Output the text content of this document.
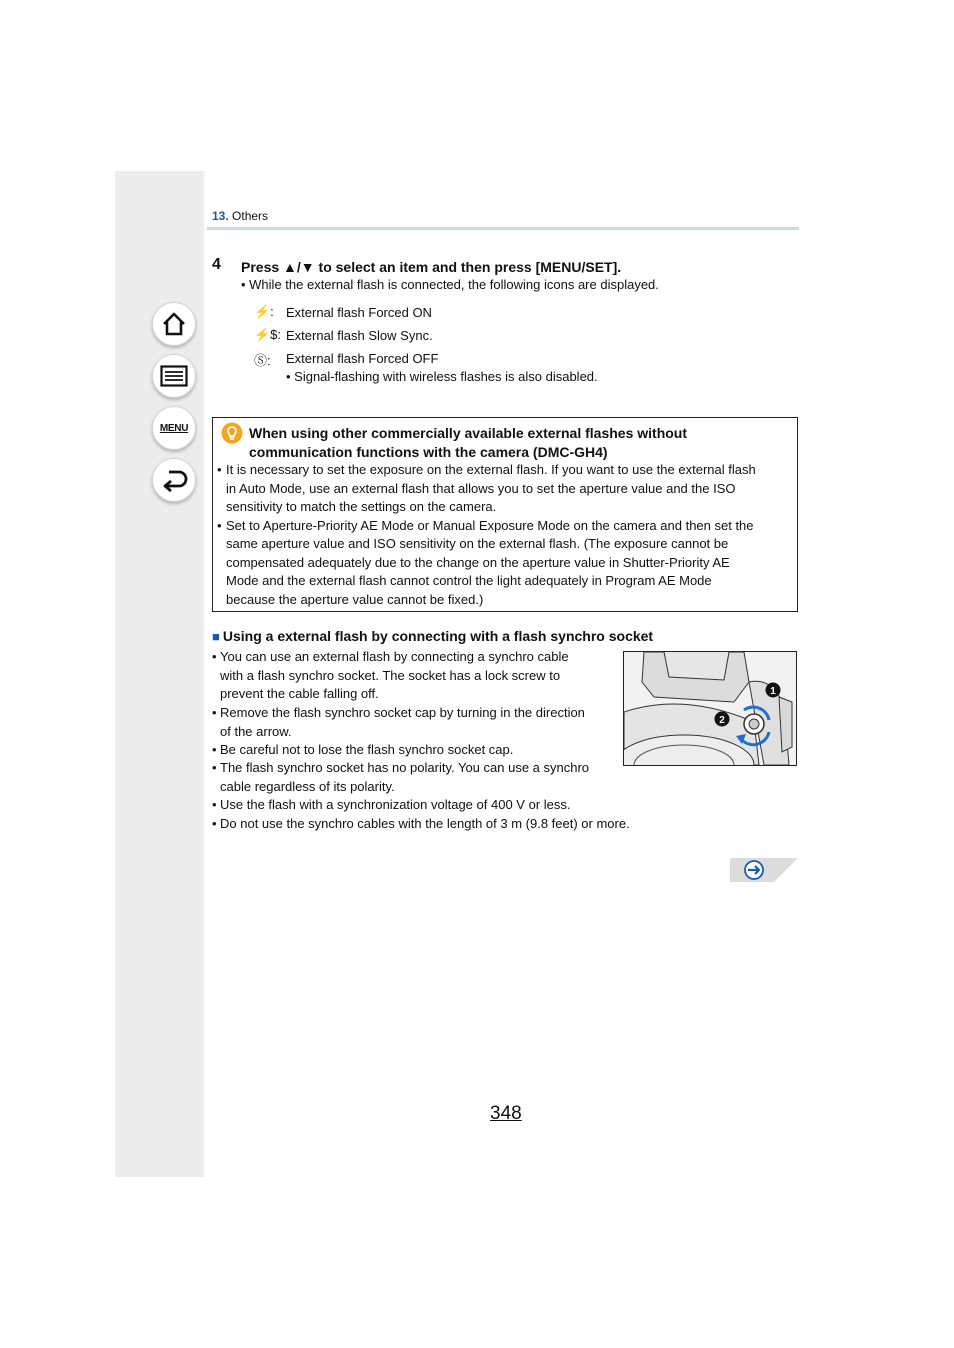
MENU
13. Others
4 Press ▲/▼ to select an item and then press [MENU/SET].
• While the external flash is connected, the following icons are displayed.
⚡: External flash Forced ON
⚡$: External flash Slow Sync.
Ⓢ:	External flash Forced OFF
• Signal-flashing with wireless flashes is also disabled.
When using other commercially available external flashes without
communication functions with the camera (DMC-GH4)
• It is necessary to set the exposure on the external flash. If you want to use the external flash
in Auto Mode, use an external flash that allows you to set the aperture value and the ISO
sensitivity to match the settings on the camera.
• Set to Aperture-Priority AE Mode or Manual Exposure Mode on the camera and then set the
same aperture value and ISO sensitivity on the external flash. (The exposure cannot be
compensated adequately due to the change on the aperture value in Shutter-Priority AE
Mode and the external flash cannot control the light adequately in Program AE Mode
because the aperture value cannot be fixed.)
■ Using a external flash by connecting with a flash synchro socket
• You can use an external flash by connecting a synchro cable
with a flash synchro socket. The socket has a lock screw to
prevent the cable falling off.
• Remove the flash synchro socket cap by turning in the direction
of the arrow.
• Be careful not to lose the flash synchro socket cap.
• The flash synchro socket has no polarity. You can use a synchro
cable regardless of its polarity.
• Use the flash with a synchronization voltage of 400 V or less.
• Do not use the synchro cables with the length of 3 m (9.8 feet) or more.
1
2
348
